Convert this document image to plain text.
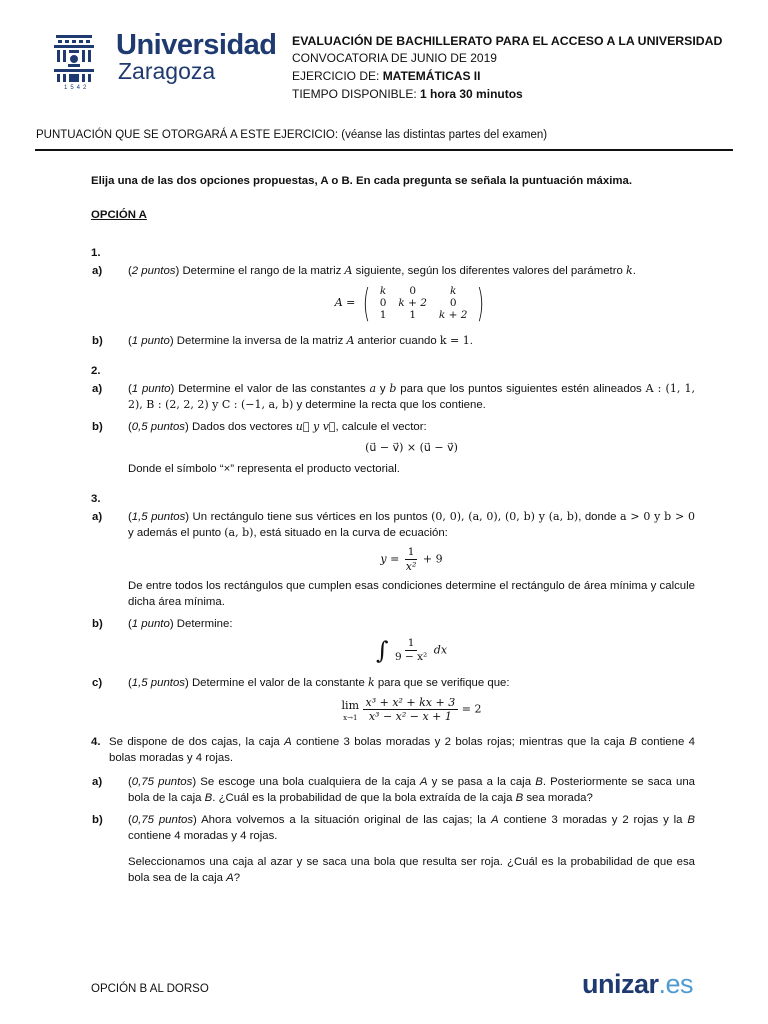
Universidad
Zaragoza
1542
EVALUACIÓN DE BACHILLERATO PARA EL ACCESO A LA UNIVERSIDAD
CONVOCATORIA DE JUNIO DE 2019
EJERCICIO DE: MATEMÁTICAS II
TIEMPO DISPONIBLE: 1 hora 30 minutos
PUNTUACIÓN QUE SE OTORGARÁ A ESTE EJERCICIO: (véanse las distintas partes del examen)
Elija una de las dos opciones propuestas, A o B. En cada pregunta se señala la puntuación máxima.
OPCIÓN A
1.
a)	(2 puntos) Determine el rango de la matriz A siguiente, según los diferentes valores del parámetro k.
A = ( k	0	k
0	k + 2	0
1	1	k + 2 )
b)	(1 punto) Determine la inversa de la matriz A anterior cuando k = 1.
2.
a)	(1 punto) Determine el valor de las constantes a y b para que los puntos siguientes estén alineados A : (1, 1, 2), B : (2, 2, 2) y C : (−1, a, b) y determine la recta que los contiene.
b)	(0,5 puntos) Dados dos vectores u⃗ y v⃗, calcule el vector:
(u⃗ − v⃗) × (u⃗ − v⃗)
Donde el símbolo “×” representa el producto vectorial.
3.
a)	(1,5 puntos) Un rectángulo tiene sus vértices en los puntos (0, 0), (a, 0), (0, b) y (a, b), donde a > 0 y b > 0 y además el punto (a, b), está situado en la curva de ecuación:
$y = \frac{1}{\text{x²}} + 9$
De entre todos los rectángulos que cumplen esas condiciones determine el rectángulo de área mínima y calcule dicha área mínima.
b)	(1 punto) Determine:
∫ $\frac{1}{\text{9 − x²}}$ dx
c)	(1,5 puntos) Determine el valor de la constante k para que se verifique que:
lim
x→1
$\frac{\text{x³ + x² + kx + 3}}{\text{x³ − x² − x + 1}} = 2$
4. Se dispone de dos cajas, la caja A contiene 3 bolas moradas y 2 bolas rojas; mientras que la caja B contiene 4 bolas moradas y 4 rojas.
a)	(0,75 puntos) Se escoge una bola cualquiera de la caja A y se pasa a la caja B. Posteriormente se saca una bola de la caja B. ¿Cuál es la probabilidad de que la bola extraída de la caja B sea morada?
b)	(0,75 puntos) Ahora volvemos a la situación original de las cajas; la A contiene 3 moradas y 2 rojas y la B contiene 4 moradas y 4 rojas.
Seleccionamos una caja al azar y se saca una bola que resulta ser roja. ¿Cuál es la probabilidad de que esa bola sea de la caja A?
OPCIÓN B AL DORSO	unizar.es
